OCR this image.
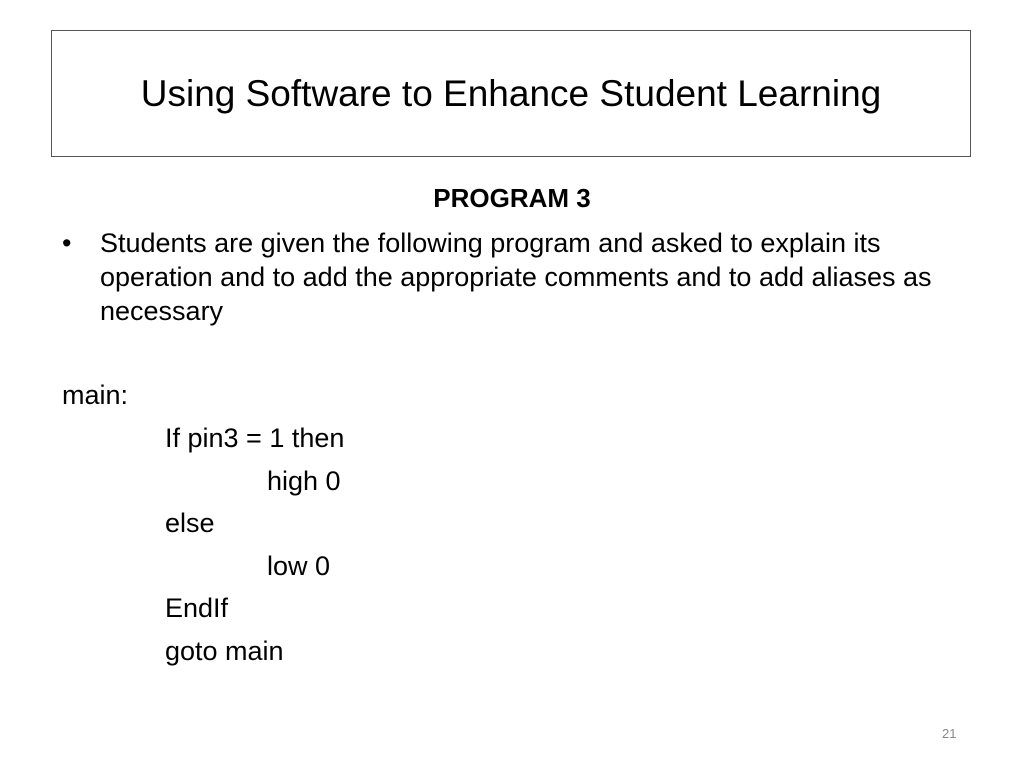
Using Software to Enhance Student Learning
PROGRAM 3
•	Students are given the following program and asked to explain its operation and to add the appropriate comments and to add aliases as necessary
main:
If pin3 = 1 then
high 0
else
low 0
EndIf
goto main
21
